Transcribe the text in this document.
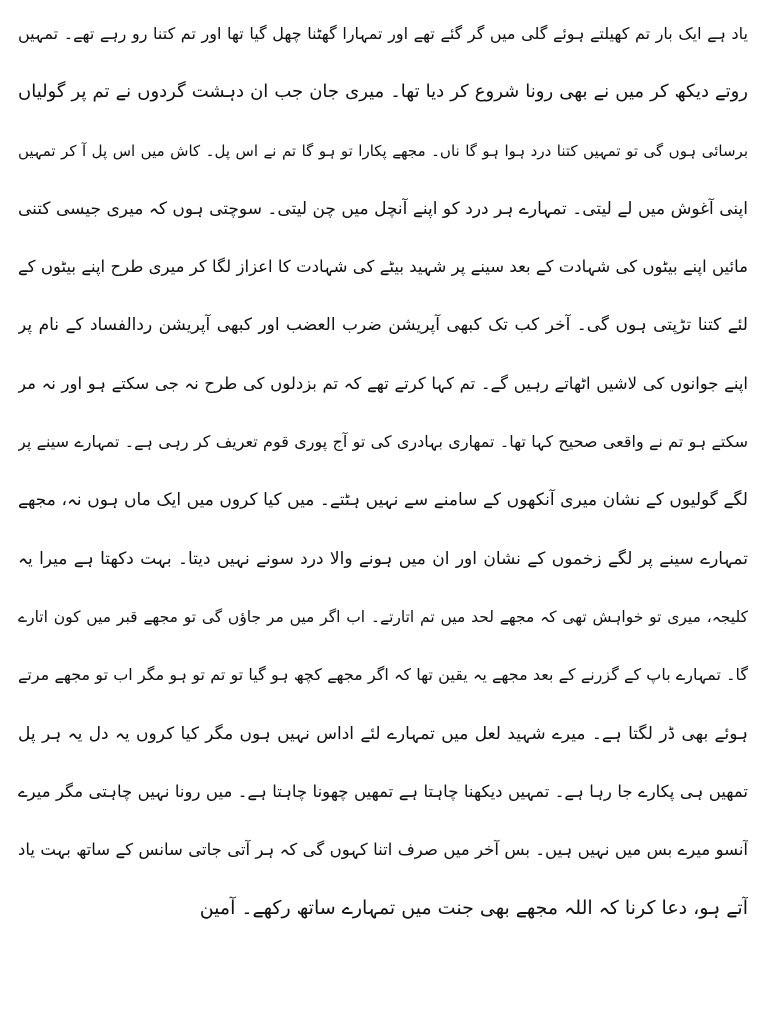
یاد ہے ایک بار تم کھیلتے ہوئے گلی میں گر گئے تھے اور تمہارا گھٹنا چھل گیا تھا اور تم کتنا رو رہے تھے۔ تمہیں
روتے دیکھ کر میں نے بھی رونا شروع کر دیا تھا۔ میری جان جب ان دہشت گردوں نے تم پر گولیاں
برسائی ہوں گی تو تمہیں کتنا درد ہوا ہو گا ناں۔ مجھے پکارا تو ہو گا تم نے اس پل۔ کاش میں اس پل آ کر تمہیں
اپنی آغوش میں لے لیتی۔ تمہارے ہر درد کو اپنے آنچل میں چن لیتی۔ سوچتی ہوں کہ میری جیسی کتنی
مائیں اپنے بیٹوں کی شہادت کے بعد سینے پر شہید بیٹے کی شہادت کا اعزاز لگا کر میری طرح اپنے بیٹوں کے
لئے کتنا تڑپتی ہوں گی۔ آخر کب تک کبھی آپریشن ضرب العضب اور کبھی آپریشن ردالفساد کے نام پر
اپنے جوانوں کی لاشیں اٹھاتے رہیں گے۔ تم کہا کرتے تھے کہ تم بزدلوں کی طرح نہ جی سکتے ہو اور نہ مر
سکتے ہو تم نے واقعی صحیح کہا تھا۔ تمھاری بہادری کی تو آج پوری قوم تعریف کر رہی ہے۔ تمہارے سینے پر
لگے گولیوں کے نشان میری آنکھوں کے سامنے سے نہیں ہٹتے۔ میں کیا کروں میں ایک ماں ہوں نہ، مجھے
تمہارے سینے پر لگے زخموں کے نشان اور ان میں ہونے والا درد سونے نہیں دیتا۔ بہت دکھتا ہے میرا یہ
کلیجہ، میری تو خواہش تھی کہ مجھے لحد میں تم اتارتے۔ اب اگر میں مر جاؤں گی تو مجھے قبر میں کون اتارے
گا۔ تمہارے باپ کے گزرنے کے بعد مجھے یہ یقین تھا کہ اگر مجھے کچھ ہو گیا تو تم تو ہو مگر اب تو مجھے مرتے
ہوئے بھی ڈر لگتا ہے۔ میرے شہید لعل میں تمہارے لئے اداس نہیں ہوں مگر کیا کروں یہ دل یہ ہر پل
تمھیں ہی پکارے جا رہا ہے۔ تمہیں دیکھنا چاہتا ہے تمھیں چھونا چاہتا ہے۔ میں رونا نہیں چاہتی مگر میرے
آنسو میرے بس میں نہیں ہیں۔ بس آخر میں صرف اتنا کہوں گی کہ ہر آتی جاتی سانس کے ساتھ بہت یاد
آتے ہو، دعا کرنا کہ اللہ مجھے بھی جنت میں تمہارے ساتھ رکھے۔ آمین
